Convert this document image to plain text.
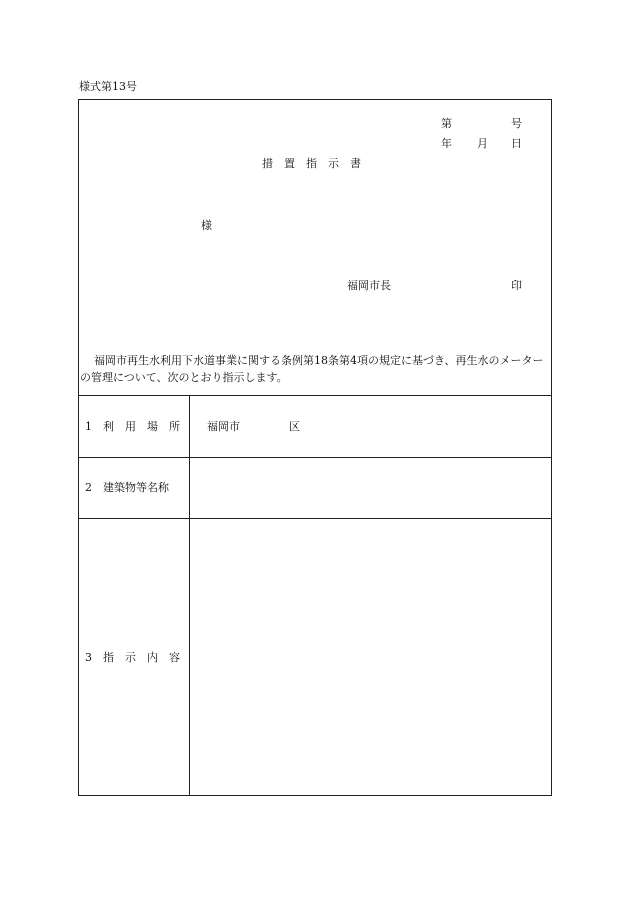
様式第13号
第	号
年 月 日
措　置　指　示　書
様
福岡市長	印
福岡市再生水利用下水道事業に関する条例第18条第4項の規定に基づき、再生水のメーターの管理について、次のとおり指示します。
1　利　用　場　所 福岡市	区
2　建築物等名称
3　指　示　内　容
